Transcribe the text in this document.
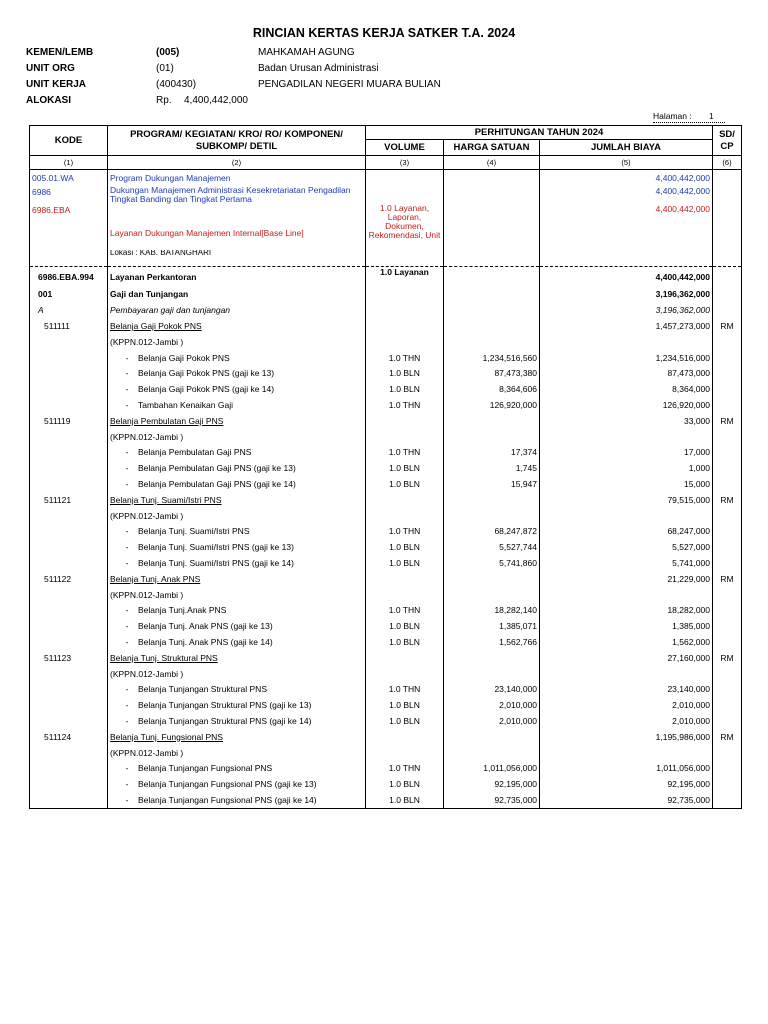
RINCIAN KERTAS KERJA SATKER T.A. 2024
KEMEN/LEMB	(005)	MAHKAMAH AGUNG
UNIT ORG	(01)	Badan Urusan Administrasi
UNIT KERJA	(400430)	PENGADILAN NEGERI MUARA BULIAN
ALOKASI	Rp. 4,400,442,000
Halaman : 1
KODE	PROGRAM/ KEGIATAN/ KRO/ RO/ KOMPONEN/ SUBKOMP/ DETIL	PERHITUNGAN TAHUN 2024			SD/ CP
		VOLUME	HARGA SATUAN	JUMLAH BIAYA	
(1)	(2)	(3)	(4)	(5)	(6)
005.01.WA	Program Dukungan Manajemen			4,400,442,000	
6986	Dukungan Manajemen Administrasi Kesekretariatan Pengadilan Tingkat Banding dan Tingkat Pertama			4,400,442,000	
6986.EBA	Layanan Dukungan Manajemen Internal[Base Line]	1.0 Layanan, Laporan, Dokumen, Rekomendasi, Unit		4,400,442,000	
	Lokasi : KAB. BATANGHARI				
6986.EBA.994	Layanan Perkantoran	1.0 Layanan		4,400,442,000	
001	Gaji dan Tunjangan			3,196,362,000	
A	Pembayaran gaji dan tunjangan			3,196,362,000	
511111	Belanja Gaji Pokok PNS			1,457,273,000	RM
	(KPPN.012-Jambi )				
	- Belanja Gaji Pokok PNS	1.0 THN	1,234,516,560	1,234,516,000	
	- Belanja Gaji Pokok PNS (gaji ke 13)	1.0 BLN	87,473,380	87,473,000	
	- Belanja Gaji Pokok PNS (gaji ke 14)	1.0 BLN	8,364,606	8,364,000	
	- Tambahan Kenaikan Gaji	1.0 THN	126,920,000	126,920,000	
511119	Belanja Pembulatan Gaji PNS			33,000	RM
	(KPPN.012-Jambi )				
	- Belanja Pembulatan Gaji PNS	1.0 THN	17,374	17,000	
	- Belanja Pembulatan Gaji PNS (gaji ke 13)	1.0 BLN	1,745	1,000	
	- Belanja Pembulatan Gaji PNS (gaji ke 14)	1.0 BLN	15,947	15,000	
511121	Belanja Tunj. Suami/Istri PNS			79,515,000	RM
	(KPPN.012-Jambi )				
	- Belanja Tunj. Suami/Istri PNS	1.0 THN	68,247,872	68,247,000	
	- Belanja Tunj. Suami/Istri PNS (gaji ke 13)	1.0 BLN	5,527,744	5,527,000	
	- Belanja Tunj. Suami/Istri PNS (gaji ke 14)	1.0 BLN	5,741,860	5,741,000	
511122	Belanja Tunj. Anak PNS			21,229,000	RM
	(KPPN.012-Jambi )				
	- Belanja Tunj.Anak PNS	1.0 THN	18,282,140	18,282,000	
	- Belanja Tunj. Anak PNS (gaji ke 13)	1.0 BLN	1,385,071	1,385,000	
	- Belanja Tunj. Anak PNS (gaji ke 14)	1.0 BLN	1,562,766	1,562,000	
511123	Belanja Tunj. Struktural PNS			27,160,000	RM
	(KPPN.012-Jambi )				
	- Belanja Tunjangan Struktural PNS	1.0 THN	23,140,000	23,140,000	
	- Belanja Tunjangan Struktural PNS (gaji ke 13)	1.0 BLN	2,010,000	2,010,000	
	- Belanja Tunjangan Struktural PNS (gaji ke 14)	1.0 BLN	2,010,000	2,010,000	
511124	Belanja Tunj. Fungsional PNS			1,195,986,000	RM
	(KPPN.012-Jambi )				
	- Belanja Tunjangan Fungsional PNS	1.0 THN	1,011,056,000	1,011,056,000	
	- Belanja Tunjangan Fungsional PNS (gaji ke 13)	1.0 BLN	92,195,000	92,195,000	
	- Belanja Tunjangan Fungsional PNS (gaji ke 14)	1.0 BLN	92,735,000	92,735,000	
